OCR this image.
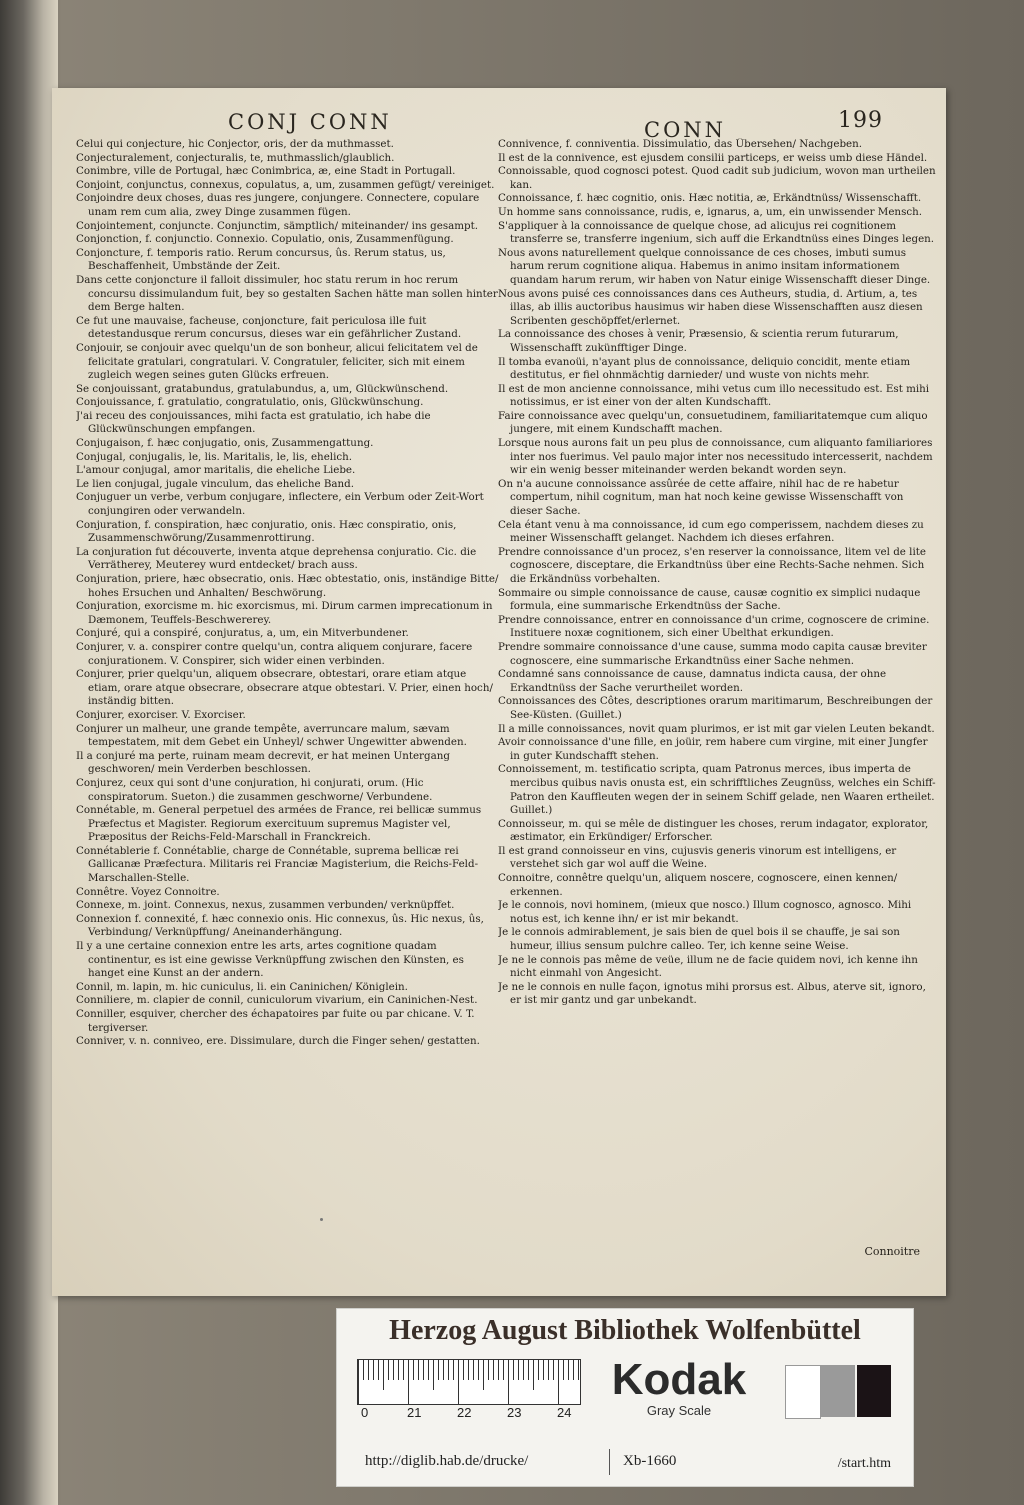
CONJ CONN	CONN	199

Celui qui conjecture, hic Conjector, oris, der da muthmasset.

Conjecturalement, conjecturalis, te, muthmasslich/glaublich.

Conimbre, ville de Portugal, hæc Conimbrica, æ, eine Stadt in Portugall.

Conjoint, conjunctus, connexus, copulatus, a, um, zusammen gefügt/ vereiniget.

Conjoindre deux choses, duas res jungere, conjungere. Connectere, copulare unam rem cum alia, zwey Dinge zusammen fügen.

Conjointement, conjuncte. Conjunctim, sämptlich/ miteinander/ ins gesampt.

Conjonction, f. conjunctio. Connexio. Copulatio, onis, Zusammenfügung.

Conjoncture, f. temporis ratio. Rerum concursus, ûs. Rerum status, us, Beschaffenheit, Umbstände der Zeit.

Dans cette conjoncture il falloit dissimuler, hoc statu rerum in hoc rerum concursu dissimulandum fuit, bey so gestalten Sachen hätte man sollen hinter dem Berge halten.

Ce fut une mauvaise, facheuse, conjoncture, fait periculosa ille fuit detestandusque rerum concursus, dieses war ein gefährlicher Zustand.

Conjouir, se conjouir avec quelqu'un de son bonheur, alicui felicitatem vel de felicitate gratulari, congratulari. V. Congratuler, feliciter, sich mit einem zugleich wegen seines guten Glücks erfreuen.

Se conjouissant, gratabundus, gratulabundus, a, um, Glückwünschend.

Conjouissance, f. gratulatio, congratulatio, onis, Glückwünschung.

J'ai receu des conjouissances, mihi facta est gratulatio, ich habe die Glückwünschungen empfangen.

Conjugaison, f. hæc conjugatio, onis, Zusammengattung.

Conjugal, conjugalis, le, lis. Maritalis, le, lis, ehelich.

L'amour conjugal, amor maritalis, die eheliche Liebe.

Le lien conjugal, jugale vinculum, das eheliche Band.

Conjuguer un verbe, verbum conjugare, inflectere, ein Verbum oder Zeit-Wort conjungiren oder verwandeln.

Conjuration, f. conspiration, hæc conjuratio, onis. Hæc conspiratio, onis, Zusammenschwörung/Zusammenrottirung.

La conjuration fut découverte, inventa atque deprehensa conjuratio. Cic. die Verrätherey, Meuterey wurd entdecket/ brach auss.

Conjuration, priere, hæc obsecratio, onis. Hæc obtestatio, onis, inständige Bitte/ hohes Ersuchen und Anhalten/ Beschwörung.

Conjuration, exorcisme m. hic exorcismus, mi. Dirum carmen imprecationum in Dæmonem, Teuffels-Beschwererey.

Conjuré, qui a conspiré, conjuratus, a, um, ein Mitverbundener.

Conjurer, v. a. conspirer contre quelqu'un, contra aliquem conjurare, facere conjurationem. V. Conspirer, sich wider einen verbinden.

Conjurer, prier quelqu'un, aliquem obsecrare, obtestari, orare etiam atque etiam, orare atque obsecrare, obsecrare atque obtestari. V. Prier, einen hoch/ inständig bitten.

Conjurer, exorciser. V. Exorciser.

Conjurer un malheur, une grande tempête, averruncare malum, sævam tempestatem, mit dem Gebet ein Unheyl/ schwer Ungewitter abwenden.

Il a conjuré ma perte, ruinam meam decrevit, er hat meinen Untergang geschworen/ mein Verderben beschlossen.

Conjurez, ceux qui sont d'une conjuration, hi conjurati, orum. (Hic conspiratorum. Sueton.) die zusammen geschworne/ Verbundene.

Connétable, m. General perpetuel des armées de France, rei bellicæ summus Præfectus et Magister. Regiorum exercituum supremus Magister vel, Præpositus der Reichs-Feld-Marschall in Franckreich.

Connétablerie f. Connétablie, charge de Connétable, suprema bellicæ rei Gallicanæ Præfectura. Militaris rei Franciæ Magisterium, die Reichs-Feld-Marschallen-Stelle.

Connêtre. Voyez Connoitre.

Connexe, m. joint. Connexus, nexus, zusammen verbunden/ verknüpffet.

Connexion f. connexité, f. hæc connexio onis. Hic connexus, ûs. Hic nexus, ûs, Verbindung/ Verknüpffung/ Aneinanderhängung.

Il y a une certaine connexion entre les arts, artes cognitione quadam continentur, es ist eine gewisse Verknüpffung zwischen den Künsten, es hanget eine Kunst an der andern.

Connil, m. lapin, m. hic cuniculus, li. ein Caninichen/ Königlein.

Conniliere, m. clapier de connil, cuniculorum vivarium, ein Caninichen-Nest.

Conniller, esquiver, chercher des échapatoires par fuite ou par chicane. V. T. tergiverser.

Conniver, v. n. conniveo, ere. Dissimulare, durch die Finger sehen/ gestatten.

Connivence, f. conniventia. Dissimulatio, das Übersehen/ Nachgeben.

Il est de la connivence, est ejusdem consilii particeps, er weiss umb diese Händel.

Connoissable, quod cognosci potest. Quod cadit sub judicium, wovon man urtheilen kan.

Connoissance, f. hæc cognitio, onis. Hæc notitia, æ, Erkändtnüss/ Wissenschafft.

Un homme sans connoissance, rudis, e, ignarus, a, um, ein unwissender Mensch.

S'appliquer à la connoissance de quelque chose, ad alicujus rei cognitionem transferre se, transferre ingenium, sich auff die Erkandtnüss eines Dinges legen.

Nous avons naturellement quelque connoissance de ces choses, imbuti sumus harum rerum cognitione aliqua. Habemus in animo insitam informationem quandam harum rerum, wir haben von Natur einige Wissenschafft dieser Dinge.

Nous avons puisé ces connoissances dans ces Autheurs, studia, d. Artium, a, tes illas, ab illis auctoribus hausimus wir haben diese Wissenschafften ausz diesen Scribenten geschöpffet/erlernet.

La connoissance des choses à venir, Præsensio, & scientia rerum futurarum, Wissenschafft zukünfftiger Dinge.

Il tomba evanoüi, n'ayant plus de connoissance, deliquio concidit, mente etiam destitutus, er fiel ohnmächtig darnieder/ und wuste von nichts mehr.

Il est de mon ancienne connoissance, mihi vetus cum illo necessitudo est. Est mihi notissimus, er ist einer von der alten Kundschafft.

Faire connoissance avec quelqu'un, consuetudinem, familiaritatemque cum aliquo jungere, mit einem Kundschafft machen.

Lorsque nous aurons fait un peu plus de connoissance, cum aliquanto familiariores inter nos fuerimus. Vel paulo major inter nos necessitudo intercesserit, nachdem wir ein wenig besser miteinander werden bekandt worden seyn.

On n'a aucune connoissance assûrée de cette affaire, nihil hac de re habetur compertum, nihil cognitum, man hat noch keine gewisse Wissenschafft von dieser Sache.

Cela étant venu à ma connoissance, id cum ego comperissem, nachdem dieses zu meiner Wissenschafft gelanget. Nachdem ich dieses erfahren.

Prendre connoissance d'un procez, s'en reserver la connoissance, litem vel de lite cognoscere, disceptare, die Erkandtnüss über eine Rechts-Sache nehmen. Sich die Erkändnüss vorbehalten.

Sommaire ou simple connoissance de cause, causæ cognitio ex simplici nudaque formula, eine summarische Erkendtnüss der Sache.

Prendre connoissance, entrer en connoissance d'un crime, cognoscere de crimine. Instituere noxæ cognitionem, sich einer Ubelthat erkundigen.

Prendre sommaire connoissance d'une cause, summa modo capita causæ breviter cognoscere, eine summarische Erkandtnüss einer Sache nehmen.

Condamné sans connoissance de cause, damnatus indicta causa, der ohne Erkandtnüss der Sache verurtheilet worden.

Connoissances des Côtes, descriptiones orarum maritimarum, Beschreibungen der See-Küsten. (Guillet.)

Il a mille connoissances, novit quam plurimos, er ist mit gar vielen Leuten bekandt.

Avoir connoissance d'une fille, en joüir, rem habere cum virgine, mit einer Jungfer in guter Kundschafft stehen.

Connoissement, m. testificatio scripta, quam Patronus merces, ibus imperta de mercibus quibus navis onusta est, ein schrifftliches Zeugnüss, welches ein Schiff-Patron den Kauffleuten wegen der in seinem Schiff gelade, nen Waaren ertheilet. Guillet.)

Connoisseur, m. qui se mêle de distinguer les choses, rerum indagator, explorator, æstimator, ein Erkündiger/ Erforscher.

Il est grand connoisseur en vins, cujusvis generis vinorum est intelligens, er verstehet sich gar wol auff die Weine.

Connoitre, connêtre quelqu'un, aliquem noscere, cognoscere, einen kennen/ erkennen.

Je le connois, novi hominem, (mieux que nosco.) Illum cognosco, agnosco. Mihi notus est, ich kenne ihn/ er ist mir bekandt.

Je le connois admirablement, je sais bien de quel bois il se chauffe, je sai son humeur, illius sensum pulchre calleo. Ter, ich kenne seine Weise.

Je ne le connois pas même de veüe, illum ne de facie quidem novi, ich kenne ihn nicht einmahl von Angesicht.

Je ne le connois en nulle façon, ignotus mihi prorsus est. Albus, aterve sit, ignoro, er ist mir gantz und gar unbekandt.

Connoitre
Herzog August Bibliothek Wolfenbüttel
0	21	22	23	24
Kodak
Gray Scale
http://diglib.hab.de/drucke/	Xb-1660	/start.htm
